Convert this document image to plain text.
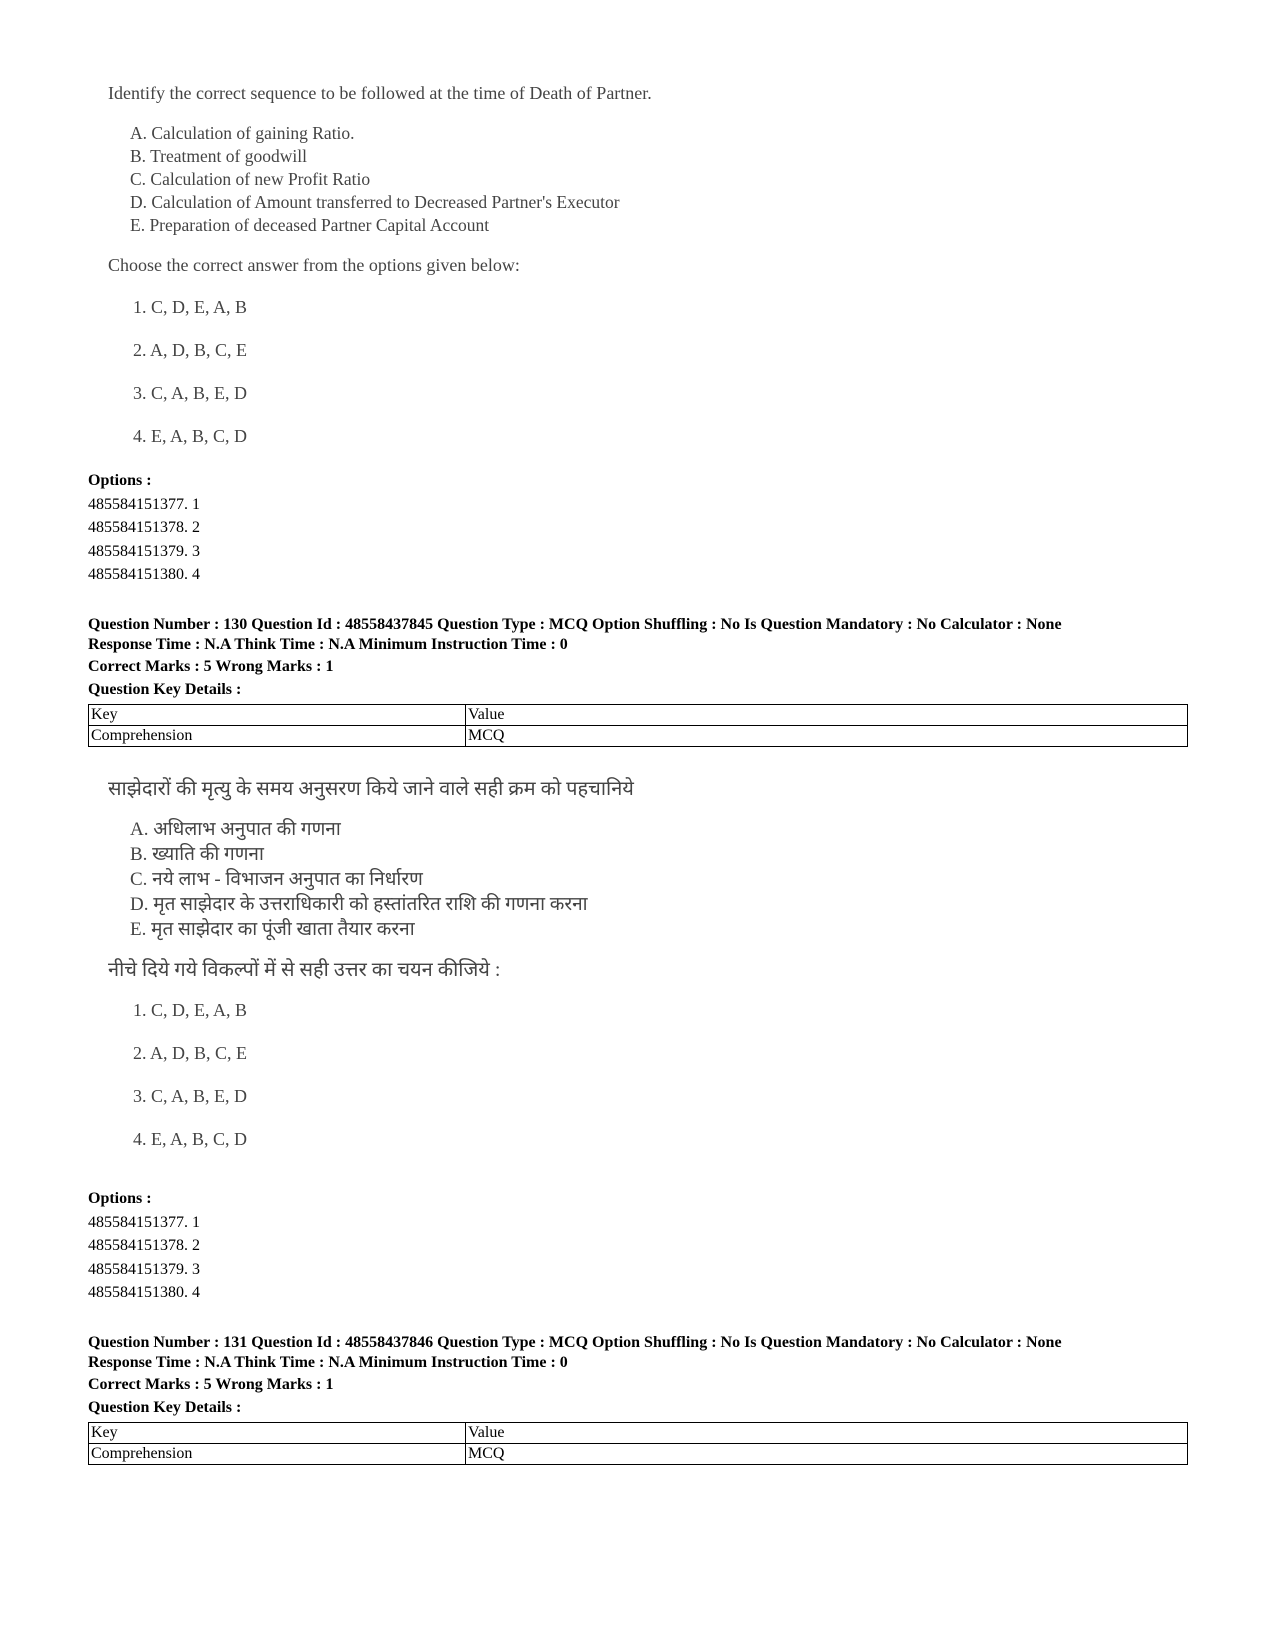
Identify the correct sequence to be followed at the time of Death of Partner.

A. Calculation of gaining Ratio.

B. Treatment of goodwill

C. Calculation of new Profit Ratio

D. Calculation of Amount transferred to Decreased Partner's Executor

E. Preparation of deceased Partner Capital Account

Choose the correct answer from the options given below:

1. C, D, E, A, B

2. A, D, B, C, E

3. C, A, B, E, D

4. E, A, B, C, D

Options :
485584151377. 1
485584151378. 2
485584151379. 3
485584151380. 4

Question Number : 130 Question Id : 48558437845 Question Type : MCQ Option Shuffling : No Is Question Mandatory : No Calculator : None

Response Time : N.A Think Time : N.A Minimum Instruction Time : 0

Correct Marks : 5 Wrong Marks : 1

Question Key Details :

Key	Value
Comprehension	MCQ

साझेदारों की मृत्यु के समय अनुसरण किये जाने वाले सही क्रम को पहचानिये

A. अधिलाभ अनुपात की गणना

B. ख्याति की गणना

C. नये लाभ - विभाजन अनुपात का निर्धारण

D. मृत साझेदार के उत्तराधिकारी को हस्तांतरित राशि की गणना करना

E. मृत साझेदार का पूंजी खाता तैयार करना

नीचे दिये गये विकल्पों में से सही उत्तर का चयन कीजिये :

1. C, D, E, A, B

2. A, D, B, C, E

3. C, A, B, E, D

4. E, A, B, C, D

Options :
485584151377. 1
485584151378. 2
485584151379. 3
485584151380. 4

Question Number : 131 Question Id : 48558437846 Question Type : MCQ Option Shuffling : No Is Question Mandatory : No Calculator : None

Response Time : N.A Think Time : N.A Minimum Instruction Time : 0

Correct Marks : 5 Wrong Marks : 1

Question Key Details :

Key	Value
Comprehension	MCQ
